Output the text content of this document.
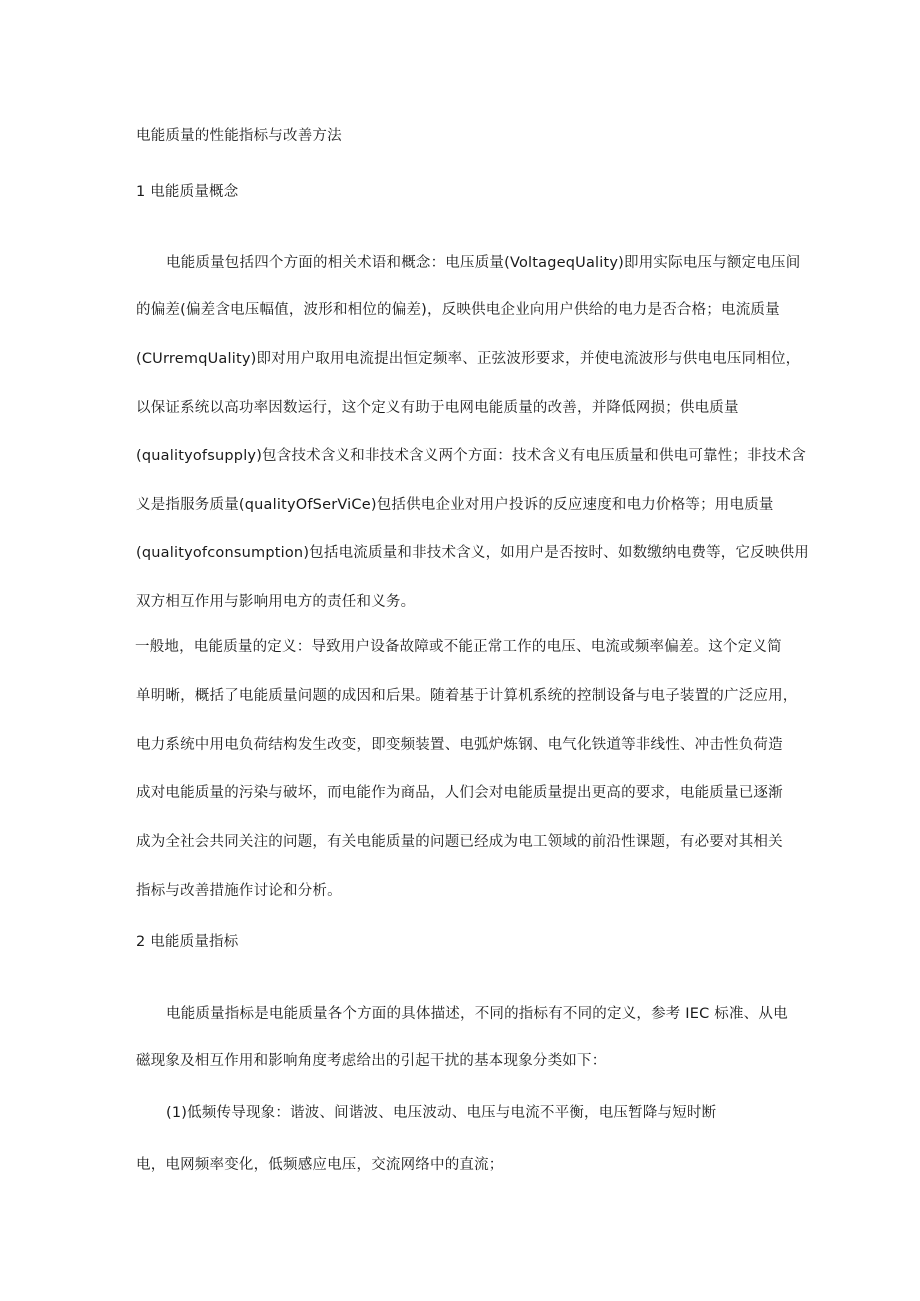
电能质量的性能指标与改善方法
1 电能质量概念
电能质量包括四个方面的相关术语和概念：电压质量(VoltageqUality)即用实际电压与额定电压间
的偏差(偏差含电压幅值，波形和相位的偏差)，反映供电企业向用户供给的电力是否合格；电流质量
(CUrremqUality)即对用户取用电流提出恒定频率、正弦波形要求，并使电流波形与供电电压同相位，
以保证系统以高功率因数运行，这个定义有助于电网电能质量的改善，并降低网损；供电质量
(qualityofsupply)包含技术含义和非技术含义两个方面：技术含义有电压质量和供电可靠性；非技术含
义是指服务质量(qualityOfSerViCe)包括供电企业对用户投诉的反应速度和电力价格等；用电质量
(qualityofconsumption)包括电流质量和非技术含义，如用户是否按时、如数缴纳电费等，它反映供用
双方相互作用与影响用电方的责任和义务。
一般地，电能质量的定义：导致用户设备故障或不能正常工作的电压、电流或频率偏差。这个定义简
单明晰，概括了电能质量问题的成因和后果。随着基于计算机系统的控制设备与电子装置的广泛应用，
电力系统中用电负荷结构发生改变，即变频装置、电弧炉炼钢、电气化铁道等非线性、冲击性负荷造
成对电能质量的污染与破坏，而电能作为商品，人们会对电能质量提出更高的要求，电能质量已逐渐
成为全社会共同关注的问题，有关电能质量的问题已经成为电工领域的前沿性课题，有必要对其相关
指标与改善措施作讨论和分析。
2 电能质量指标
电能质量指标是电能质量各个方面的具体描述，不同的指标有不同的定义，参考 IEC 标准、从电
磁现象及相互作用和影响角度考虑给出的引起干扰的基本现象分类如下：
(1)低频传导现象：谐波、间谐波、电压波动、电压与电流不平衡，电压暂降与短时断
电，电网频率变化，低频感应电压，交流网络中的直流；
